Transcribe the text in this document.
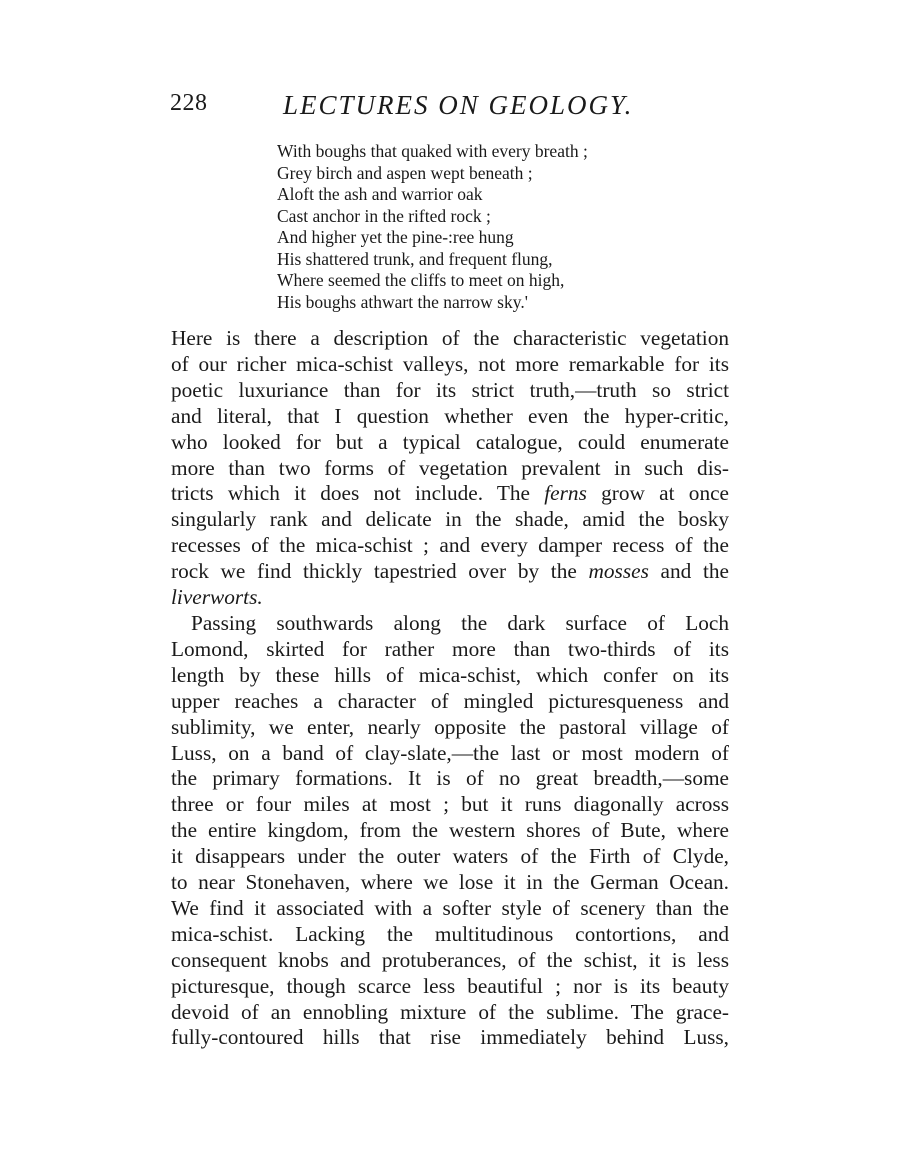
228	LECTURES ON GEOLOGY.
With boughs that quaked with every breath ;
Grey birch and aspen wept beneath ;
Aloft the ash and warrior oak
Cast anchor in the rifted rock ;
And higher yet the pine-:ree hung
His shattered trunk, and frequent flung,
Where seemed the cliffs to meet on high,
His boughs athwart the narrow sky.'
Here is there a description of the characteristic vegetation
of our richer mica-schist valleys, not more remarkable for its
poetic luxuriance than for its strict truth,—truth so strict
and literal, that I question whether even the hyper-critic,
who looked for but a typical catalogue, could enumerate
more than two forms of vegetation prevalent in such dis-
tricts which it does not include. The ferns grow at once
singularly rank and delicate in the shade, amid the bosky
recesses of the mica-schist ; and every damper recess of the
rock we find thickly tapestried over by the mosses and the
liverworts.
Passing southwards along the dark surface of Loch
Lomond, skirted for rather more than two-thirds of its
length by these hills of mica-schist, which confer on its
upper reaches a character of mingled picturesqueness and
sublimity, we enter, nearly opposite the pastoral village of
Luss, on a band of clay-slate,—the last or most modern of
the primary formations. It is of no great breadth,—some
three or four miles at most ; but it runs diagonally across
the entire kingdom, from the western shores of Bute, where
it disappears under the outer waters of the Firth of Clyde,
to near Stonehaven, where we lose it in the German Ocean.
We find it associated with a softer style of scenery than the
mica-schist. Lacking the multitudinous contortions, and
consequent knobs and protuberances, of the schist, it is less
picturesque, though scarce less beautiful ; nor is its beauty
devoid of an ennobling mixture of the sublime. The grace-
fully-contoured hills that rise immediately behind Luss,
